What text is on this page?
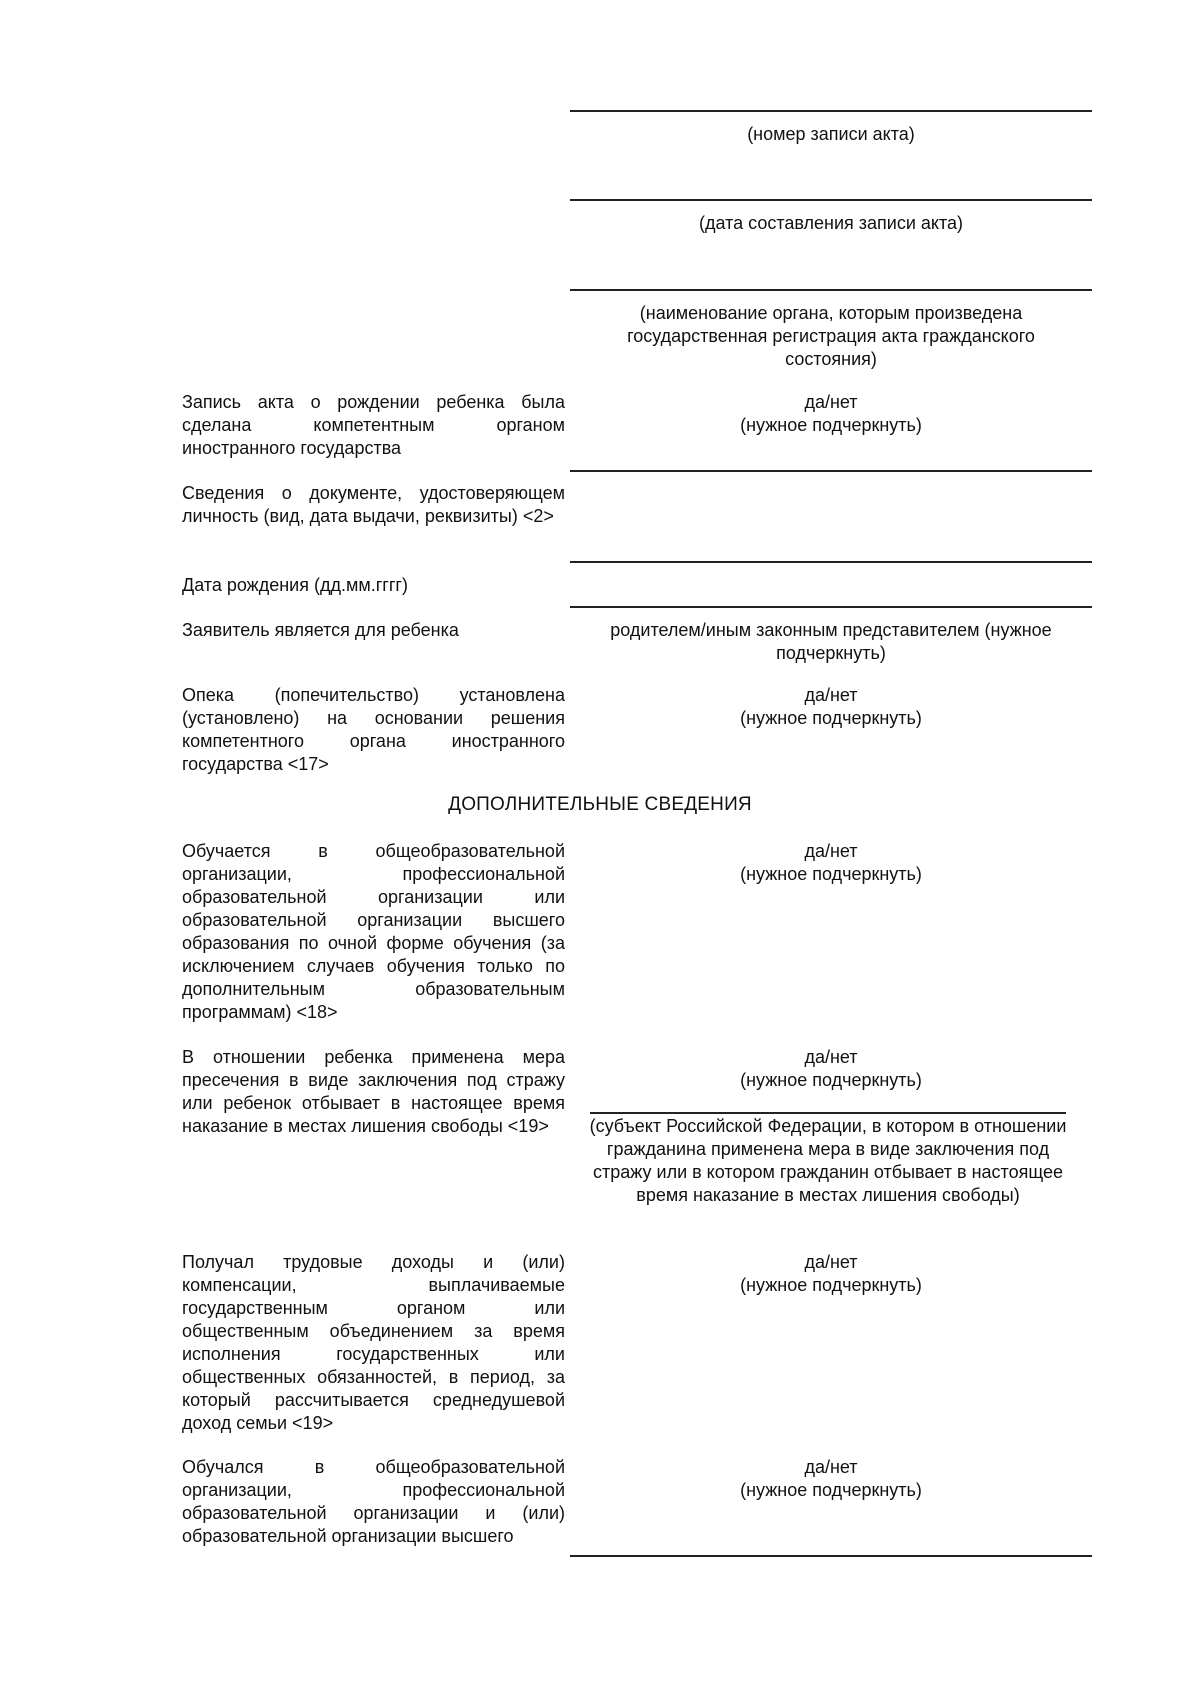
(номер записи акта)
(дата составления записи акта)
(наименование органа, которым произведена государственная регистрация акта гражданского состояния)
Запись акта о рождении ребенка была сделана компетентным органом иностранного государства
да/нет
(нужное подчеркнуть)
Сведения о документе, удостоверяющем личность (вид, дата выдачи, реквизиты) <2>
Дата рождения (дд.мм.гггг)
Заявитель является для ребенка	родителем/иным законным представителем (нужное подчеркнуть)
Опека (попечительство) установлена (установлено) на основании решения компетентного органа иностранного государства <17>
да/нет
(нужное подчеркнуть)
ДОПОЛНИТЕЛЬНЫЕ СВЕДЕНИЯ
Обучается в общеобразовательной организации, профессиональной образовательной организации или образовательной организации высшего образования по очной форме обучения (за исключением случаев обучения только по дополнительным образовательным программам) <18>
да/нет
(нужное подчеркнуть)
В отношении ребенка применена мера пресечения в виде заключения под стражу или ребенок отбывает в настоящее время наказание в местах лишения свободы <19>
да/нет
(нужное подчеркнуть)
(субъект Российской Федерации, в котором в отношении гражданина применена мера в виде заключения под стражу или в котором гражданин отбывает в настоящее время наказание в местах лишения свободы)
Получал трудовые доходы и (или) компенсации, выплачиваемые государственным органом или общественным объединением за время исполнения государственных или общественных обязанностей, в период, за который рассчитывается среднедушевой доход семьи <19>
да/нет
(нужное подчеркнуть)
Обучался в общеобразовательной организации, профессиональной образовательной организации и (или) образовательной организации высшего
да/нет
(нужное подчеркнуть)
